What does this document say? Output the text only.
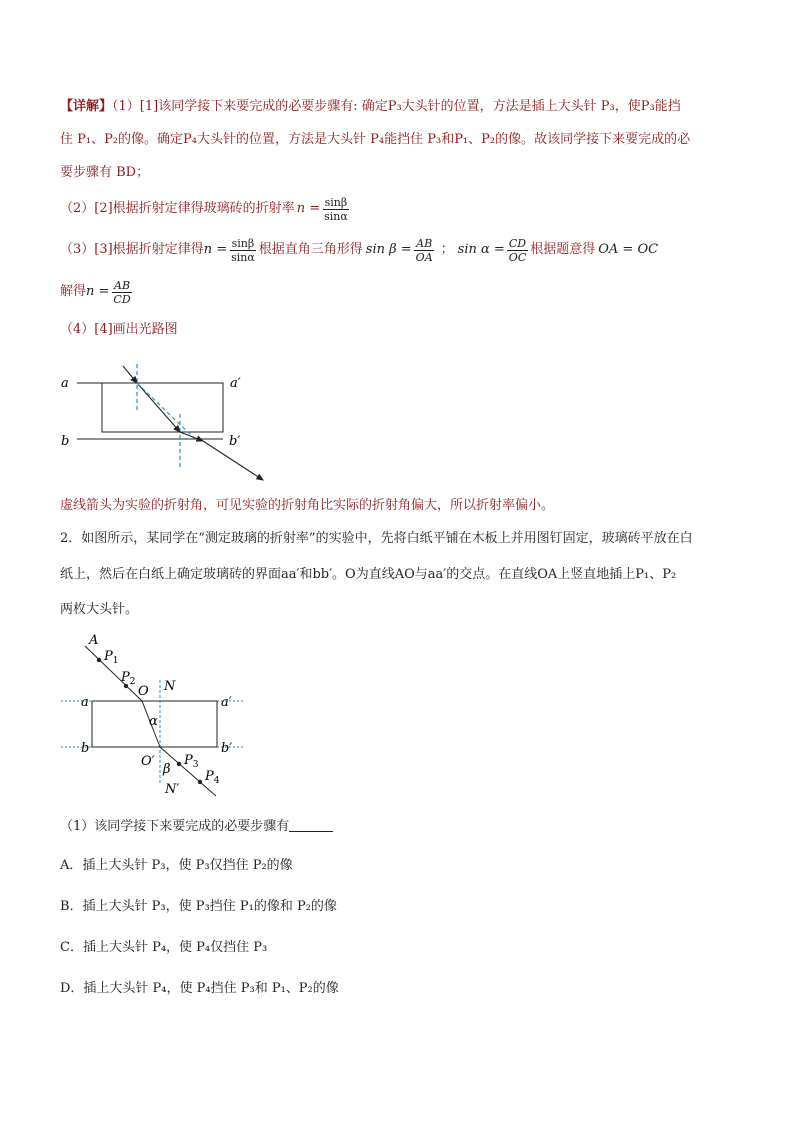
【详解】（1）[1]该同学接下来要完成的必要步骤有: 确定P₃大头针的位置，方法是插上大头针 P₃，使P₃能挡
住 P₁、P₂的像。确定P₄大头针的位置，方法是大头针 P₄能挡住 P₃和P₁、P₂的像。故该同学接下来要完成的必
要步骤有 BD；
（2）[2]根据折射定律得玻璃砖的折射率 $n = \frac{\sin\beta}{\sin\alpha}$
（3）[3]根据折射定律得 $n = \frac{\sin\beta}{\sin\alpha}$ 根据直角三角形得 $\sin \beta = \frac{AB}{OA}$ ； $\sin \alpha = \frac{CD}{OC}$ 根据题意得 OA = OC
解得 $n = \frac{AB}{CD}$
（4）[4]画出光路图
a	a′
b	b′
虚线箭头为实验的折射角，可见实验的折射角比实际的折射角偏大，所以折射率偏小。
2．如图所示，某同学在“测定玻璃的折射率”的实验中，先将白纸平铺在木板上并用图钉固定，玻璃砖平放在白
纸上，然后在白纸上确定玻璃砖的界面aa′和bb′。O为直线AO与aa′的交点。在直线OA上竖直地插上P₁、P₂
两枚大头针。
A
$P_1$
$P_2$
O N
a	a′
α
b	b′
O′
β
$P_3$
$P_4$
N′
（1）该同学接下来要完成的必要步骤有
A．插上大头针 P₃，使 P₃仅挡住 P₂的像
B．插上大头针 P₃，使 P₃挡住 P₁的像和 P₂的像
C．插上大头针 P₄，使 P₄仅挡住 P₃
D．插上大头针 P₄，使 P₄挡住 P₃和 P₁、P₂的像
